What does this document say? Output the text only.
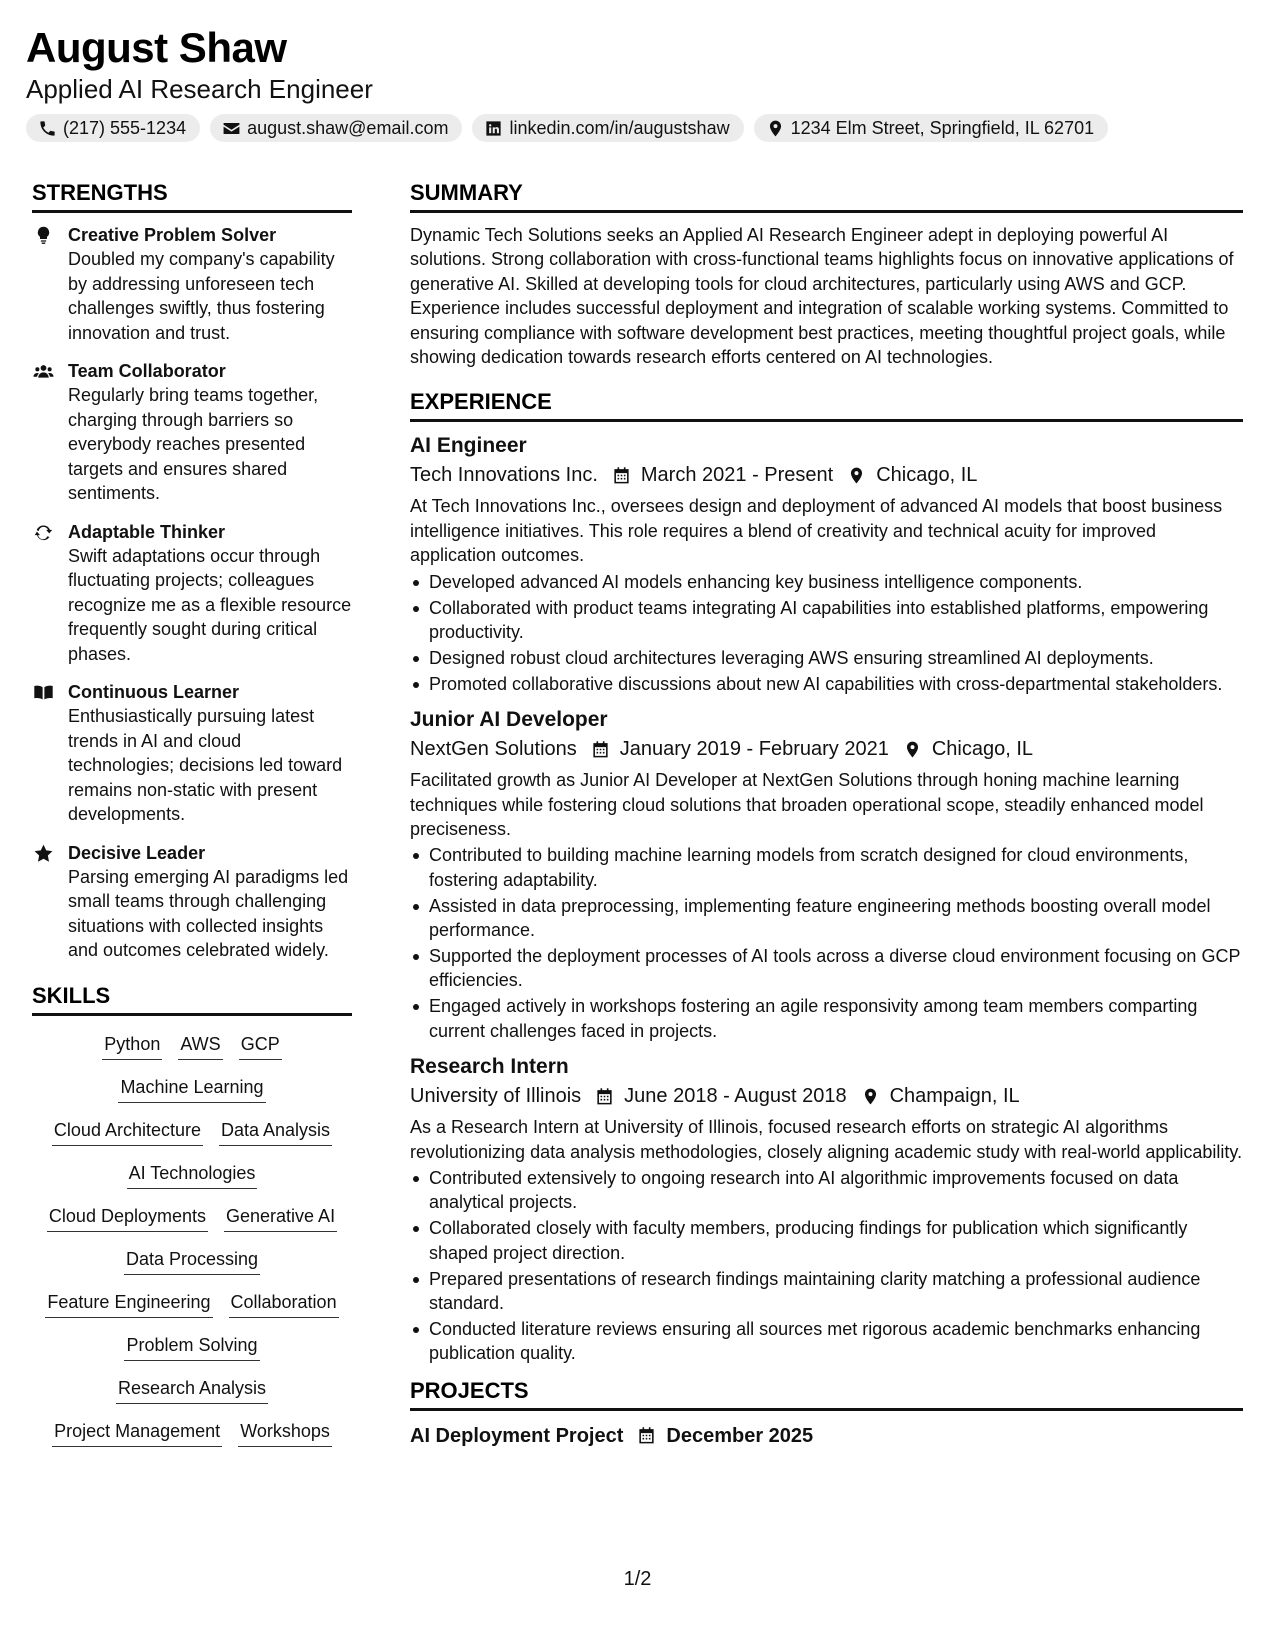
August Shaw
Applied AI Research Engineer
(217) 555-1234	august.shaw@email.com	linkedin.com/in/augustshaw	1234 Elm Street, Springfield, IL 62701
STRENGTHS
Creative Problem Solver
Doubled my company's capability by addressing unforeseen tech challenges swiftly, thus fostering innovation and trust.
Team Collaborator
Regularly bring teams together, charging through barriers so everybody reaches presented targets and ensures shared sentiments.
Adaptable Thinker
Swift adaptations occur through fluctuating projects; colleagues recognize me as a flexible resource frequently sought during critical phases.
Continuous Learner
Enthusiastically pursuing latest trends in AI and cloud technologies; decisions led toward remains non-static with present developments.
Decisive Leader
Parsing emerging AI paradigms led small teams through challenging situations with collected insights and outcomes celebrated widely.
SKILLS
Python AWS GCP
Machine Learning
Cloud Architecture Data Analysis
AI Technologies
Cloud Deployments Generative AI
Data Processing
Feature Engineering Collaboration
Problem Solving
Research Analysis
Project Management Workshops
SUMMARY
Dynamic Tech Solutions seeks an Applied AI Research Engineer adept in deploying powerful AI solutions. Strong collaboration with cross-functional teams highlights focus on innovative applications of generative AI. Skilled at developing tools for cloud architectures, particularly using AWS and GCP. Experience includes successful deployment and integration of scalable working systems. Committed to ensuring compliance with software development best practices, meeting thoughtful project goals, while showing dedication towards research efforts centered on AI technologies.
EXPERIENCE
AI Engineer
Tech Innovations Inc. March 2021 - Present Chicago, IL
At Tech Innovations Inc., oversees design and deployment of advanced AI models that boost business intelligence initiatives. This role requires a blend of creativity and technical acuity for improved application outcomes.
Developed advanced AI models enhancing key business intelligence components.
Collaborated with product teams integrating AI capabilities into established platforms, empowering productivity.
Designed robust cloud architectures leveraging AWS ensuring streamlined AI deployments.
Promoted collaborative discussions about new AI capabilities with cross-departmental stakeholders.
Junior AI Developer
NextGen Solutions January 2019 - February 2021 Chicago, IL
Facilitated growth as Junior AI Developer at NextGen Solutions through honing machine learning techniques while fostering cloud solutions that broaden operational scope, steadily enhanced model preciseness.
Contributed to building machine learning models from scratch designed for cloud environments, fostering adaptability.
Assisted in data preprocessing, implementing feature engineering methods boosting overall model performance.
Supported the deployment processes of AI tools across a diverse cloud environment focusing on GCP efficiencies.
Engaged actively in workshops fostering an agile responsivity among team members comparting current challenges faced in projects.
Research Intern
University of Illinois June 2018 - August 2018 Champaign, IL
As a Research Intern at University of Illinois, focused research efforts on strategic AI algorithms revolutionizing data analysis methodologies, closely aligning academic study with real-world applicability.
Contributed extensively to ongoing research into AI algorithmic improvements focused on data analytical projects.
Collaborated closely with faculty members, producing findings for publication which significantly shaped project direction.
Prepared presentations of research findings maintaining clarity matching a professional audience standard.
Conducted literature reviews ensuring all sources met rigorous academic benchmarks enhancing publication quality.
PROJECTS
AI Deployment Project December 2025
1/2
